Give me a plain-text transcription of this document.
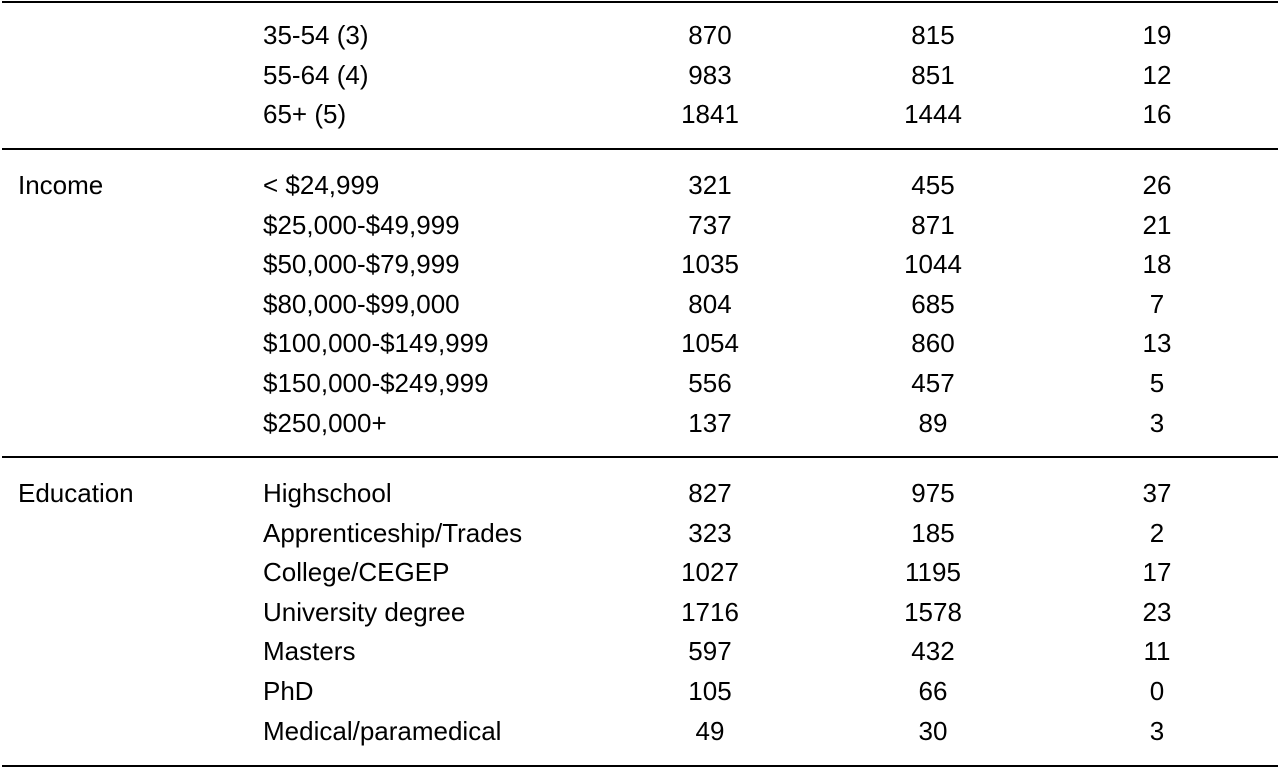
35-54 (3)	870	815	19
55-64 (4)	983	851	12
65+ (5)	1841	1444	16
Income	< $24,999	321	455	26
$25,000-$49,999	737	871	21
$50,000-$79,999	1035	1044	18
$80,000-$99,000	804	685	7
$100,000-$149,999	1054	860	13
$150,000-$249,999	556	457	5
$250,000+	137	89	3
Education	Highschool	827	975	37
Apprenticeship/Trades	323	185	2
College/CEGEP	1027	1195	17
University degree	1716	1578	23
Masters	597	432	11
PhD	105	66	0
Medical/paramedical	49	30	3
